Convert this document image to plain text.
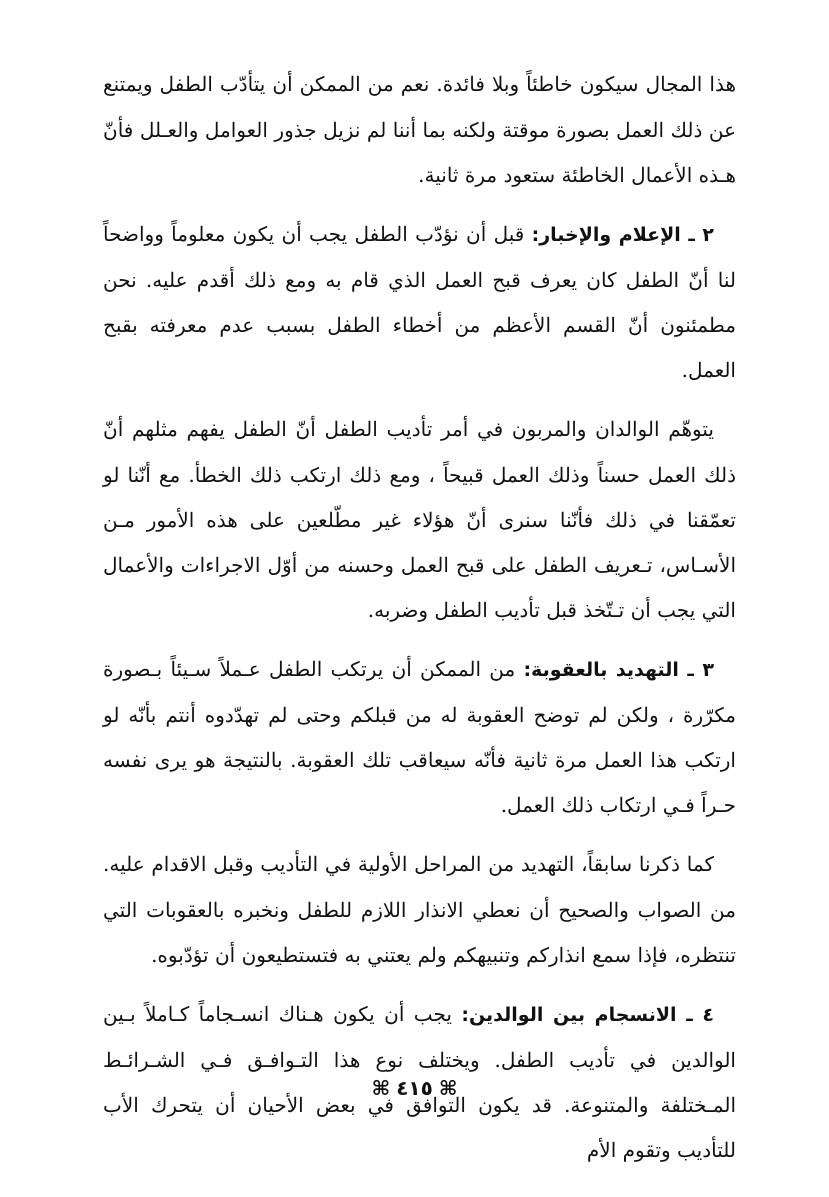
هذا المجال سيكون خاطئاً وبلا فائدة. نعم من الممكن أن يتأدّب الطفل ويمتنع عن ذلك العمل بصورة موقتة ولكنه بما أننا لم نزيل جذور العوامل والعـلل فأنّ هـذه الأعمال الخاطئة ستعود مرة ثانية.

٢ ـ الإعلام والإخبار: قبل أن نؤدّب الطفل يجب أن يكون معلوماً وواضحاً لنا أنّ الطفل كان يعرف قبح العمل الذي قام به ومع ذلك أقدم عليه. نحن مطمئنون أنّ القسم الأعظم من أخطاء الطفل بسبب عدم معرفته بقبح العمل.

يتوهّم الوالدان والمربون في أمر تأديب الطفل أنّ الطفل يفهم مثلهم أنّ ذلك العمل حسناً وذلك العمل قبيحاً ، ومع ذلك ارتكب ذلك الخطأ. مع أنّنا لو تعمّقنا في ذلك فأنّنا سنرى أنّ هؤلاء غير مطّلعين على هذه الأمور مـن الأسـاس، تـعريف الطفل على قبح العمل وحسنه من أوّل الاجراءات والأعمال التي يجب أن تـتّخذ قبل تأديب الطفل وضربه.

٣ ـ التهديد بالعقوبة: من الممكن أن يرتكب الطفل عـملاً سـيئاً بـصورة مكرّرة ، ولكن لم توضح العقوبة له من قبلكم وحتى لم تهدّدوه أنتم بأنّه لو ارتكب هذا العمل مرة ثانية فأنّه سيعاقب تلك العقوبة. بالنتيجة هو يرى نفسه حـراً فـي ارتكاب ذلك العمل.

كما ذكرنا سابقاً، التهديد من المراحل الأولية في التأديب وقبل الاقدام عليه. من الصواب والصحيح أن نعطي الانذار اللازم للطفل ونخبره بالعقوبات التي تنتظره، فإذا سمع انذاركم وتنبيهكم ولم يعتني به فتستطيعون أن تؤدّبوه.

٤ ـ الانسجام بين الوالدين: يجب أن يكون هـناك انسـجاماً كـاملاً بـين الوالدين في تأديب الطفل. ويختلف نوع هذا التـوافـق فـي الشـرائـط المـختلفة والمتنوعة. قد يكون التوافق في بعض الأحيان أن يتحرك الأب للتأديب وتقوم الأم

⌘٤١٥⌘
